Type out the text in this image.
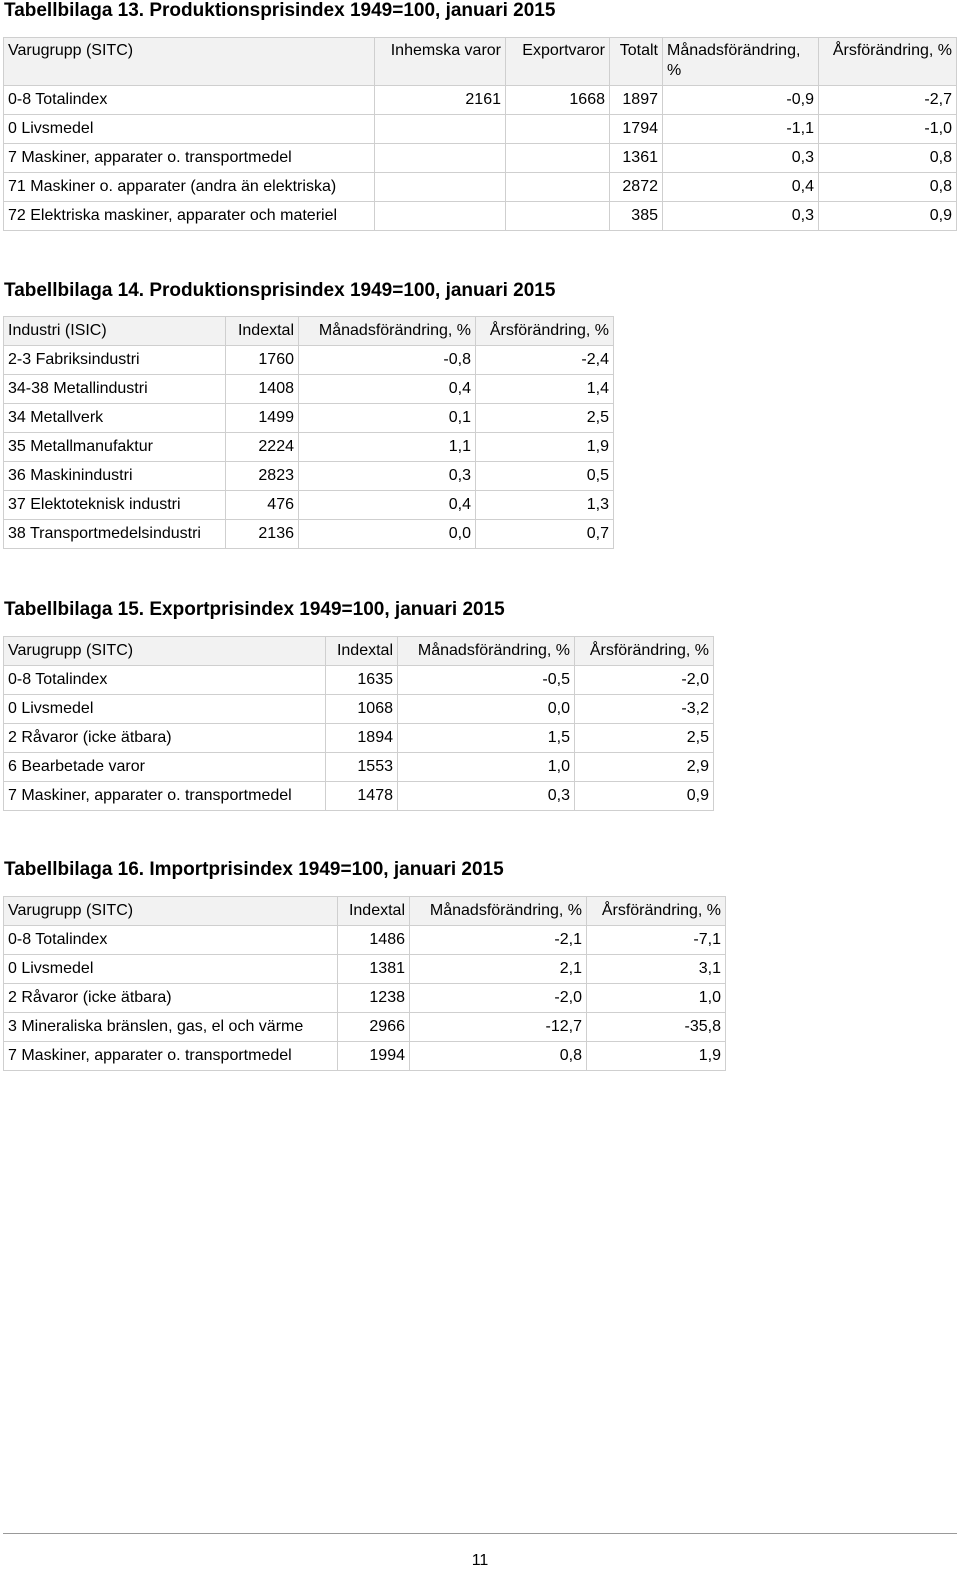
Tabellbilaga 13. Produktionsprisindex 1949=100, januari 2015
Varugrupp (SITC)	Inhemska varor	Exportvaror	Totalt	Månadsförändring, %	Årsförändring, %
0-8 Totalindex	2161	1668	1897	-0,9	-2,7
0 Livsmedel			1794	-1,1	-1,0
7 Maskiner, apparater o. transportmedel			1361	0,3	0,8
71 Maskiner o. apparater (andra än elektriska)			2872	0,4	0,8
72 Elektriska maskiner, apparater och materiel			385	0,3	0,9
Tabellbilaga 14. Produktionsprisindex 1949=100, januari 2015
Industri (ISIC)	Indextal	Månadsförändring, %	Årsförändring, %
2-3 Fabriksindustri	1760	-0,8	-2,4
34-38 Metallindustri	1408	0,4	1,4
34 Metallverk	1499	0,1	2,5
35 Metallmanufaktur	2224	1,1	1,9
36 Maskinindustri	2823	0,3	0,5
37 Elektoteknisk industri	476	0,4	1,3
38 Transportmedelsindustri	2136	0,0	0,7
Tabellbilaga 15. Exportprisindex 1949=100, januari 2015
Varugrupp (SITC)	Indextal	Månadsförändring, %	Årsförändring, %
0-8 Totalindex	1635	-0,5	-2,0
0 Livsmedel	1068	0,0	-3,2
2 Råvaror (icke ätbara)	1894	1,5	2,5
6 Bearbetade varor	1553	1,0	2,9
7 Maskiner, apparater o. transportmedel	1478	0,3	0,9
Tabellbilaga 16. Importprisindex 1949=100, januari 2015
Varugrupp (SITC)	Indextal	Månadsförändring, %	Årsförändring, %
0-8 Totalindex	1486	-2,1	-7,1
0 Livsmedel	1381	2,1	3,1
2 Råvaror (icke ätbara)	1238	-2,0	1,0
3 Mineraliska bränslen, gas, el och värme	2966	-12,7	-35,8
7 Maskiner, apparater o. transportmedel	1994	0,8	1,9
11
